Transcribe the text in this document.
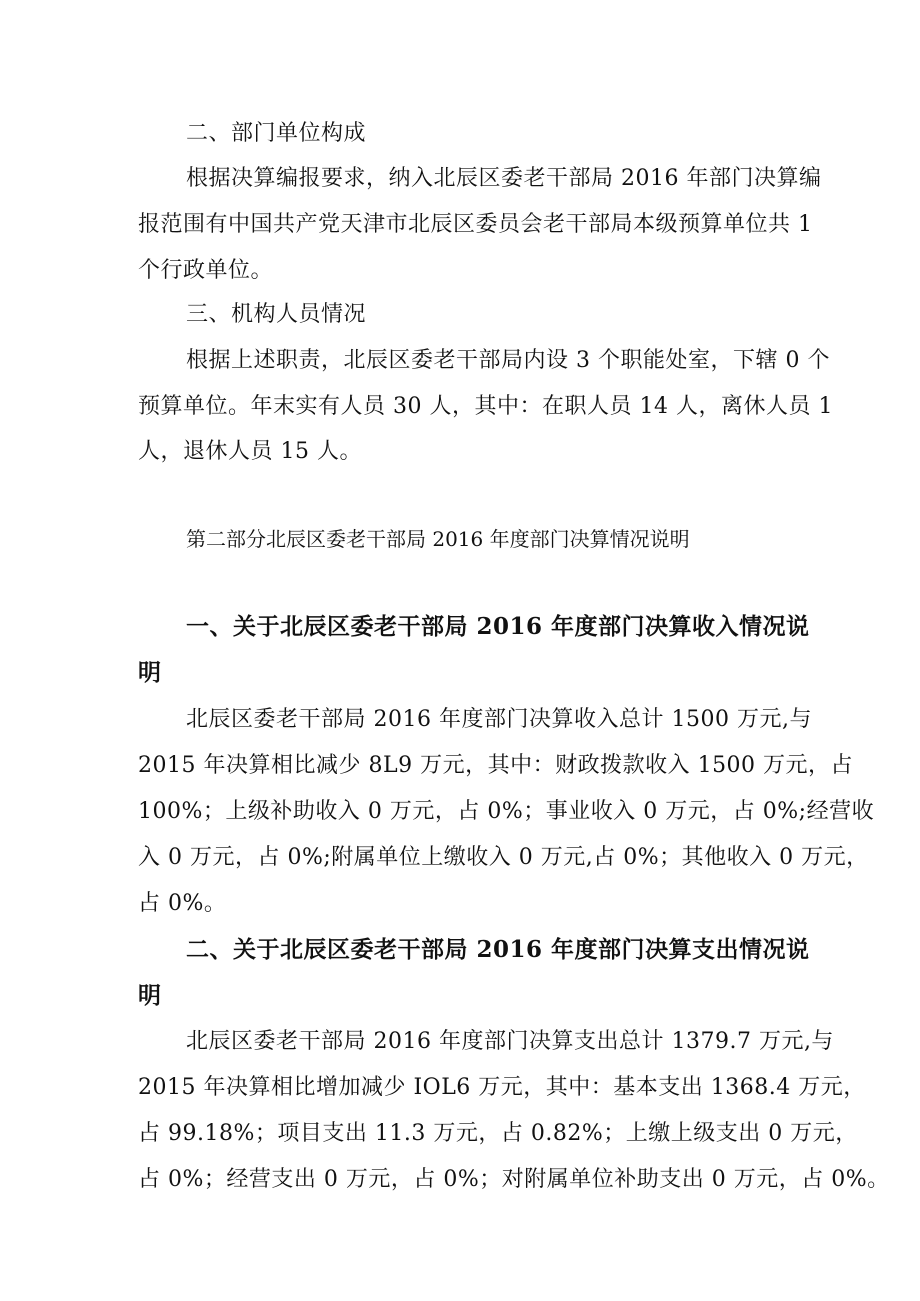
二、部门单位构成
根据决算编报要求，纳入北辰区委老干部局 2016 年部门决算编
报范围有中国共产党天津市北辰区委员会老干部局本级预算单位共 1
个行政单位。
三、机构人员情况
根据上述职责，北辰区委老干部局内设 3 个职能处室，下辖 0 个
预算单位。年末实有人员 30 人，其中：在职人员 14 人，离休人员 1
人，退休人员 15 人。
第二部分北辰区委老干部局 2016 年度部门决算情况说明
一、关于北辰区委老干部局 2016 年度部门决算收入情况说
明
北辰区委老干部局 2016 年度部门决算收入总计 1500 万元,与
2015 年决算相比减少 8L9 万元，其中：财政拨款收入 1500 万元，占
100%；上级补助收入 0 万元，占 0%；事业收入 0 万元，占 0%;经营收
入 0 万元，占 0%;附属单位上缴收入 0 万元,占 0%；其他收入 0 万元，
占 0%。
二、关于北辰区委老干部局 2016 年度部门决算支出情况说
明
北辰区委老干部局 2016 年度部门决算支出总计 1379.7 万元,与
2015 年决算相比增加减少 IOL6 万元，其中：基本支出 1368.4 万元，
占 99.18%；项目支出 11.3 万元，占 0.82%；上缴上级支出 0 万元，
占 0%；经营支出 0 万元，占 0%；对附属单位补助支出 0 万元，占 0%。
